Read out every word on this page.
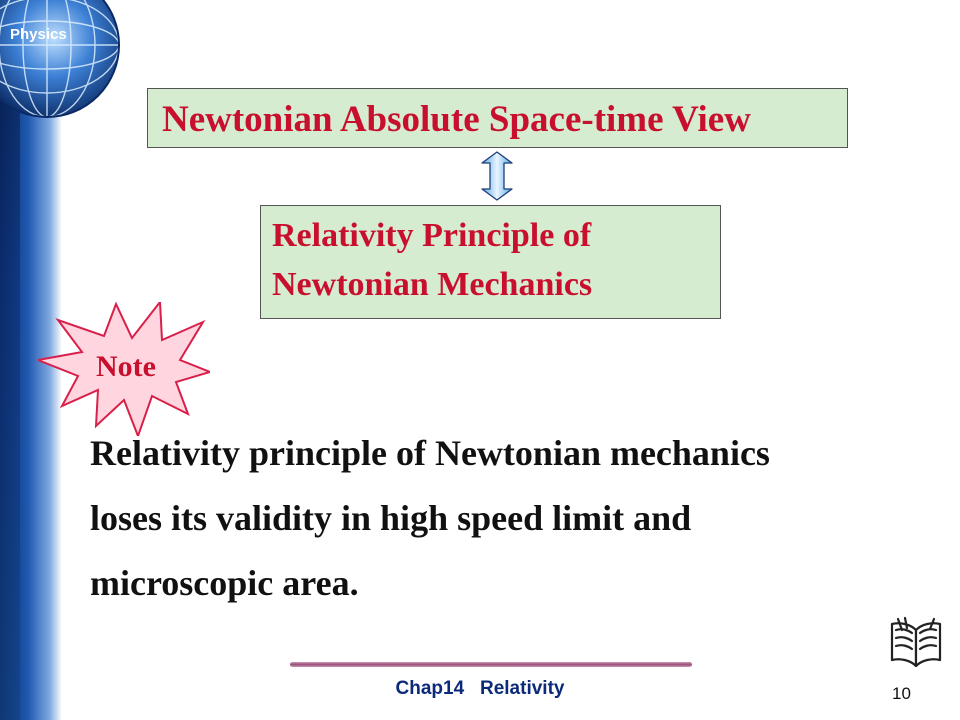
Physics
Newtonian Absolute Space-time View
Relativity Principle of
Newtonian Mechanics
Note
Relativity principle of Newtonian mechanics
loses its validity in high speed limit and
microscopic area.
Chap14   Relativity	10
